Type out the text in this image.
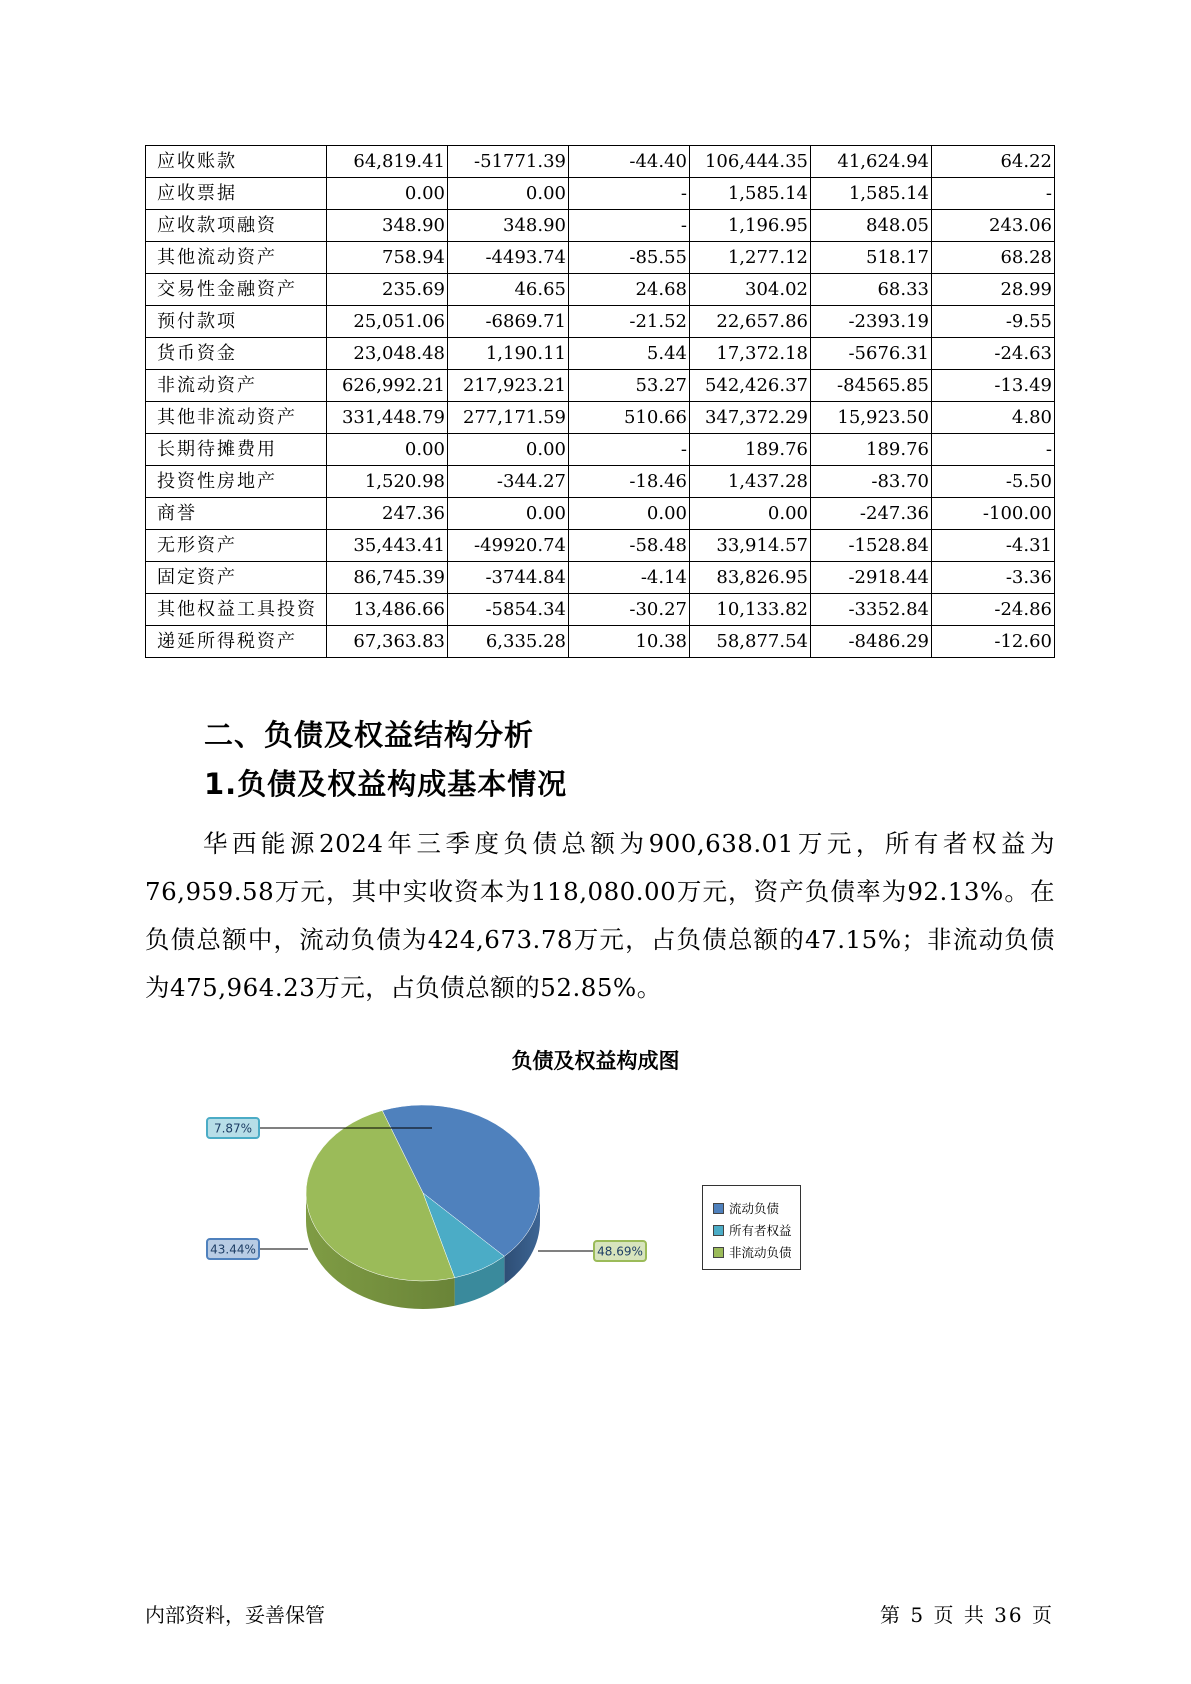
应收账款	64,819.41	-51771.39	-44.40	106,444.35	41,624.94	64.22
应收票据	0.00	0.00	-	1,585.14	1,585.14	-
应收款项融资	348.90	348.90	-	1,196.95	848.05	243.06
其他流动资产	758.94	-4493.74	-85.55	1,277.12	518.17	68.28
交易性金融资产	235.69	46.65	24.68	304.02	68.33	28.99
预付款项	25,051.06	-6869.71	-21.52	22,657.86	-2393.19	-9.55
货币资金	23,048.48	1,190.11	5.44	17,372.18	-5676.31	-24.63
非流动资产	626,992.21	217,923.21	53.27	542,426.37	-84565.85	-13.49
其他非流动资产	331,448.79	277,171.59	510.66	347,372.29	15,923.50	4.80
长期待摊费用	0.00	0.00	-	189.76	189.76	-
投资性房地产	1,520.98	-344.27	-18.46	1,437.28	-83.70	-5.50
商誉	247.36	0.00	0.00	0.00	-247.36	-100.00
无形资产	35,443.41	-49920.74	-58.48	33,914.57	-1528.84	-4.31
固定资产	86,745.39	-3744.84	-4.14	83,826.95	-2918.44	-3.36
其他权益工具投资	13,486.66	-5854.34	-30.27	10,133.82	-3352.84	-24.86
递延所得税资产	67,363.83	6,335.28	10.38	58,877.54	-8486.29	-12.60
二、负债及权益结构分析
1.负债及权益构成基本情况

华西能源2024年三季度负债总额为900,638.01万元，所有者权益为76,959.58万元，其中实收资本为118,080.00万元，资产负债率为92.13%。在负债总额中，流动负债为424,673.78万元，占负债总额的47.15%；非流动负债为475,964.23万元，占负债总额的52.85%。

负债及权益构成图
43.44%
7.87%
48.69%
流动负债
所有者权益
非流动负债
内部资料，妥善保管	第 5 页 共 36 页
